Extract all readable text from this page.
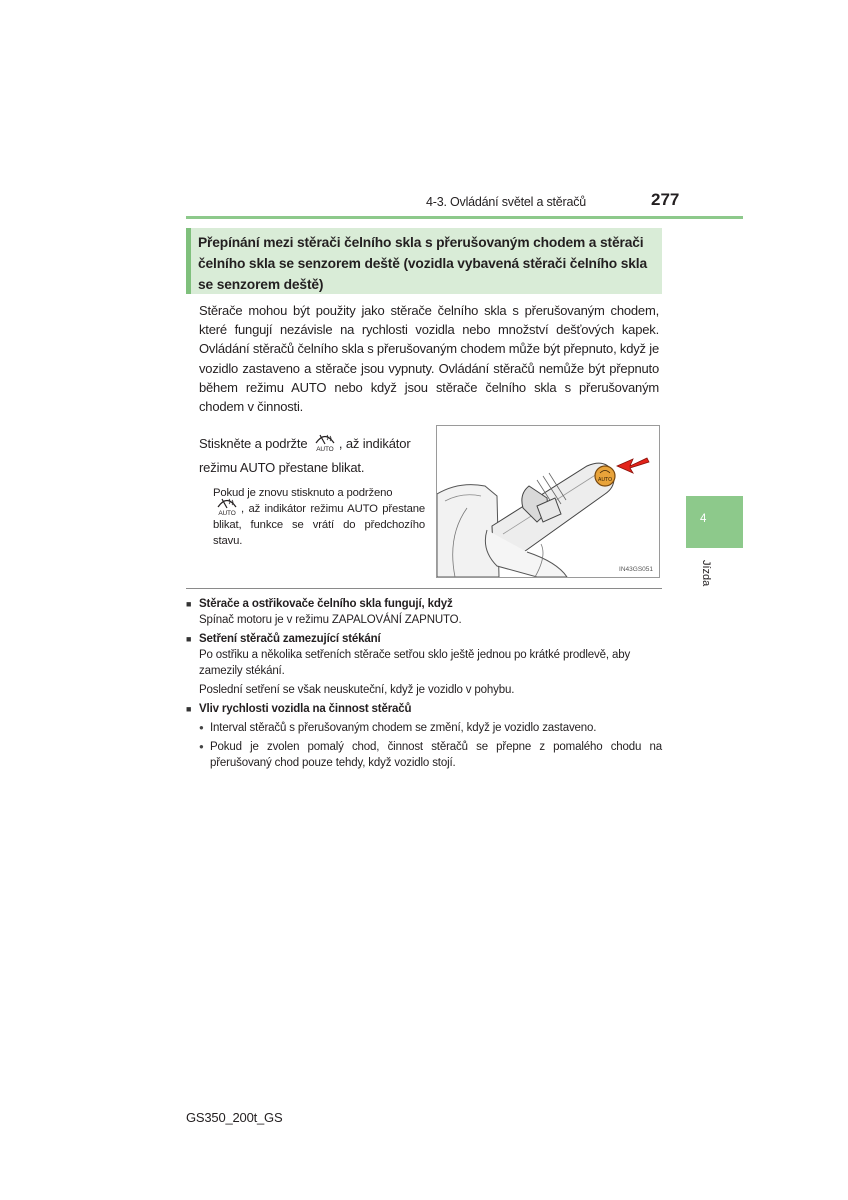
4-3. Ovládání světel a stěračů	277
4
Jízda
Přepínání mezi stěrači čelního skla s přerušovaným chodem a stěrači čelního skla se senzorem deště (vozidla vybavená stěrači čelního skla se senzorem deště)
Stěrače mohou být použity jako stěrače čelního skla s přerušovaným chodem, které fungují nezávisle na rychlosti vozidla nebo množství dešťových kapek. Ovládání stěračů čelního skla s přerušovaným chodem může být přepnuto, když je vozidlo zastaveno a stěrače jsou vypnuty. Ovládání stěračů nemůže být přepnuto během režimu AUTO nebo když jsou stěrače čelního skla s přerušovaným chodem v činnosti.
Stiskněte a podržte	AUTO , až indikátor režimu AUTO přestane blikat.
Pokud je znovu stisknuto a podrženo

AUTO , až indikátor režimu AUTO přestane blikat, funkce se vrátí do předchozího stavu.
AUTO
IN43GS051
■ Stěrače a ostřikovače čelního skla fungují, když
Spínač motoru je v režimu ZAPALOVÁNÍ ZAPNUTO.
■ Setření stěračů zamezující stékání
Po ostřiku a několika setřeních stěrače setřou sklo ještě jednou po krátké prodlevě, aby zamezily stékání.
Poslední setření se však neuskuteční, když je vozidlo v pohybu.
■ Vliv rychlosti vozidla na činnost stěračů
● Interval stěračů s přerušovaným chodem se změní, když je vozidlo zastaveno.
● Pokud je zvolen pomalý chod, činnost stěračů se přepne z pomalého chodu na přerušovaný chod pouze tehdy, když vozidlo stojí.
GS350_200t_GS
